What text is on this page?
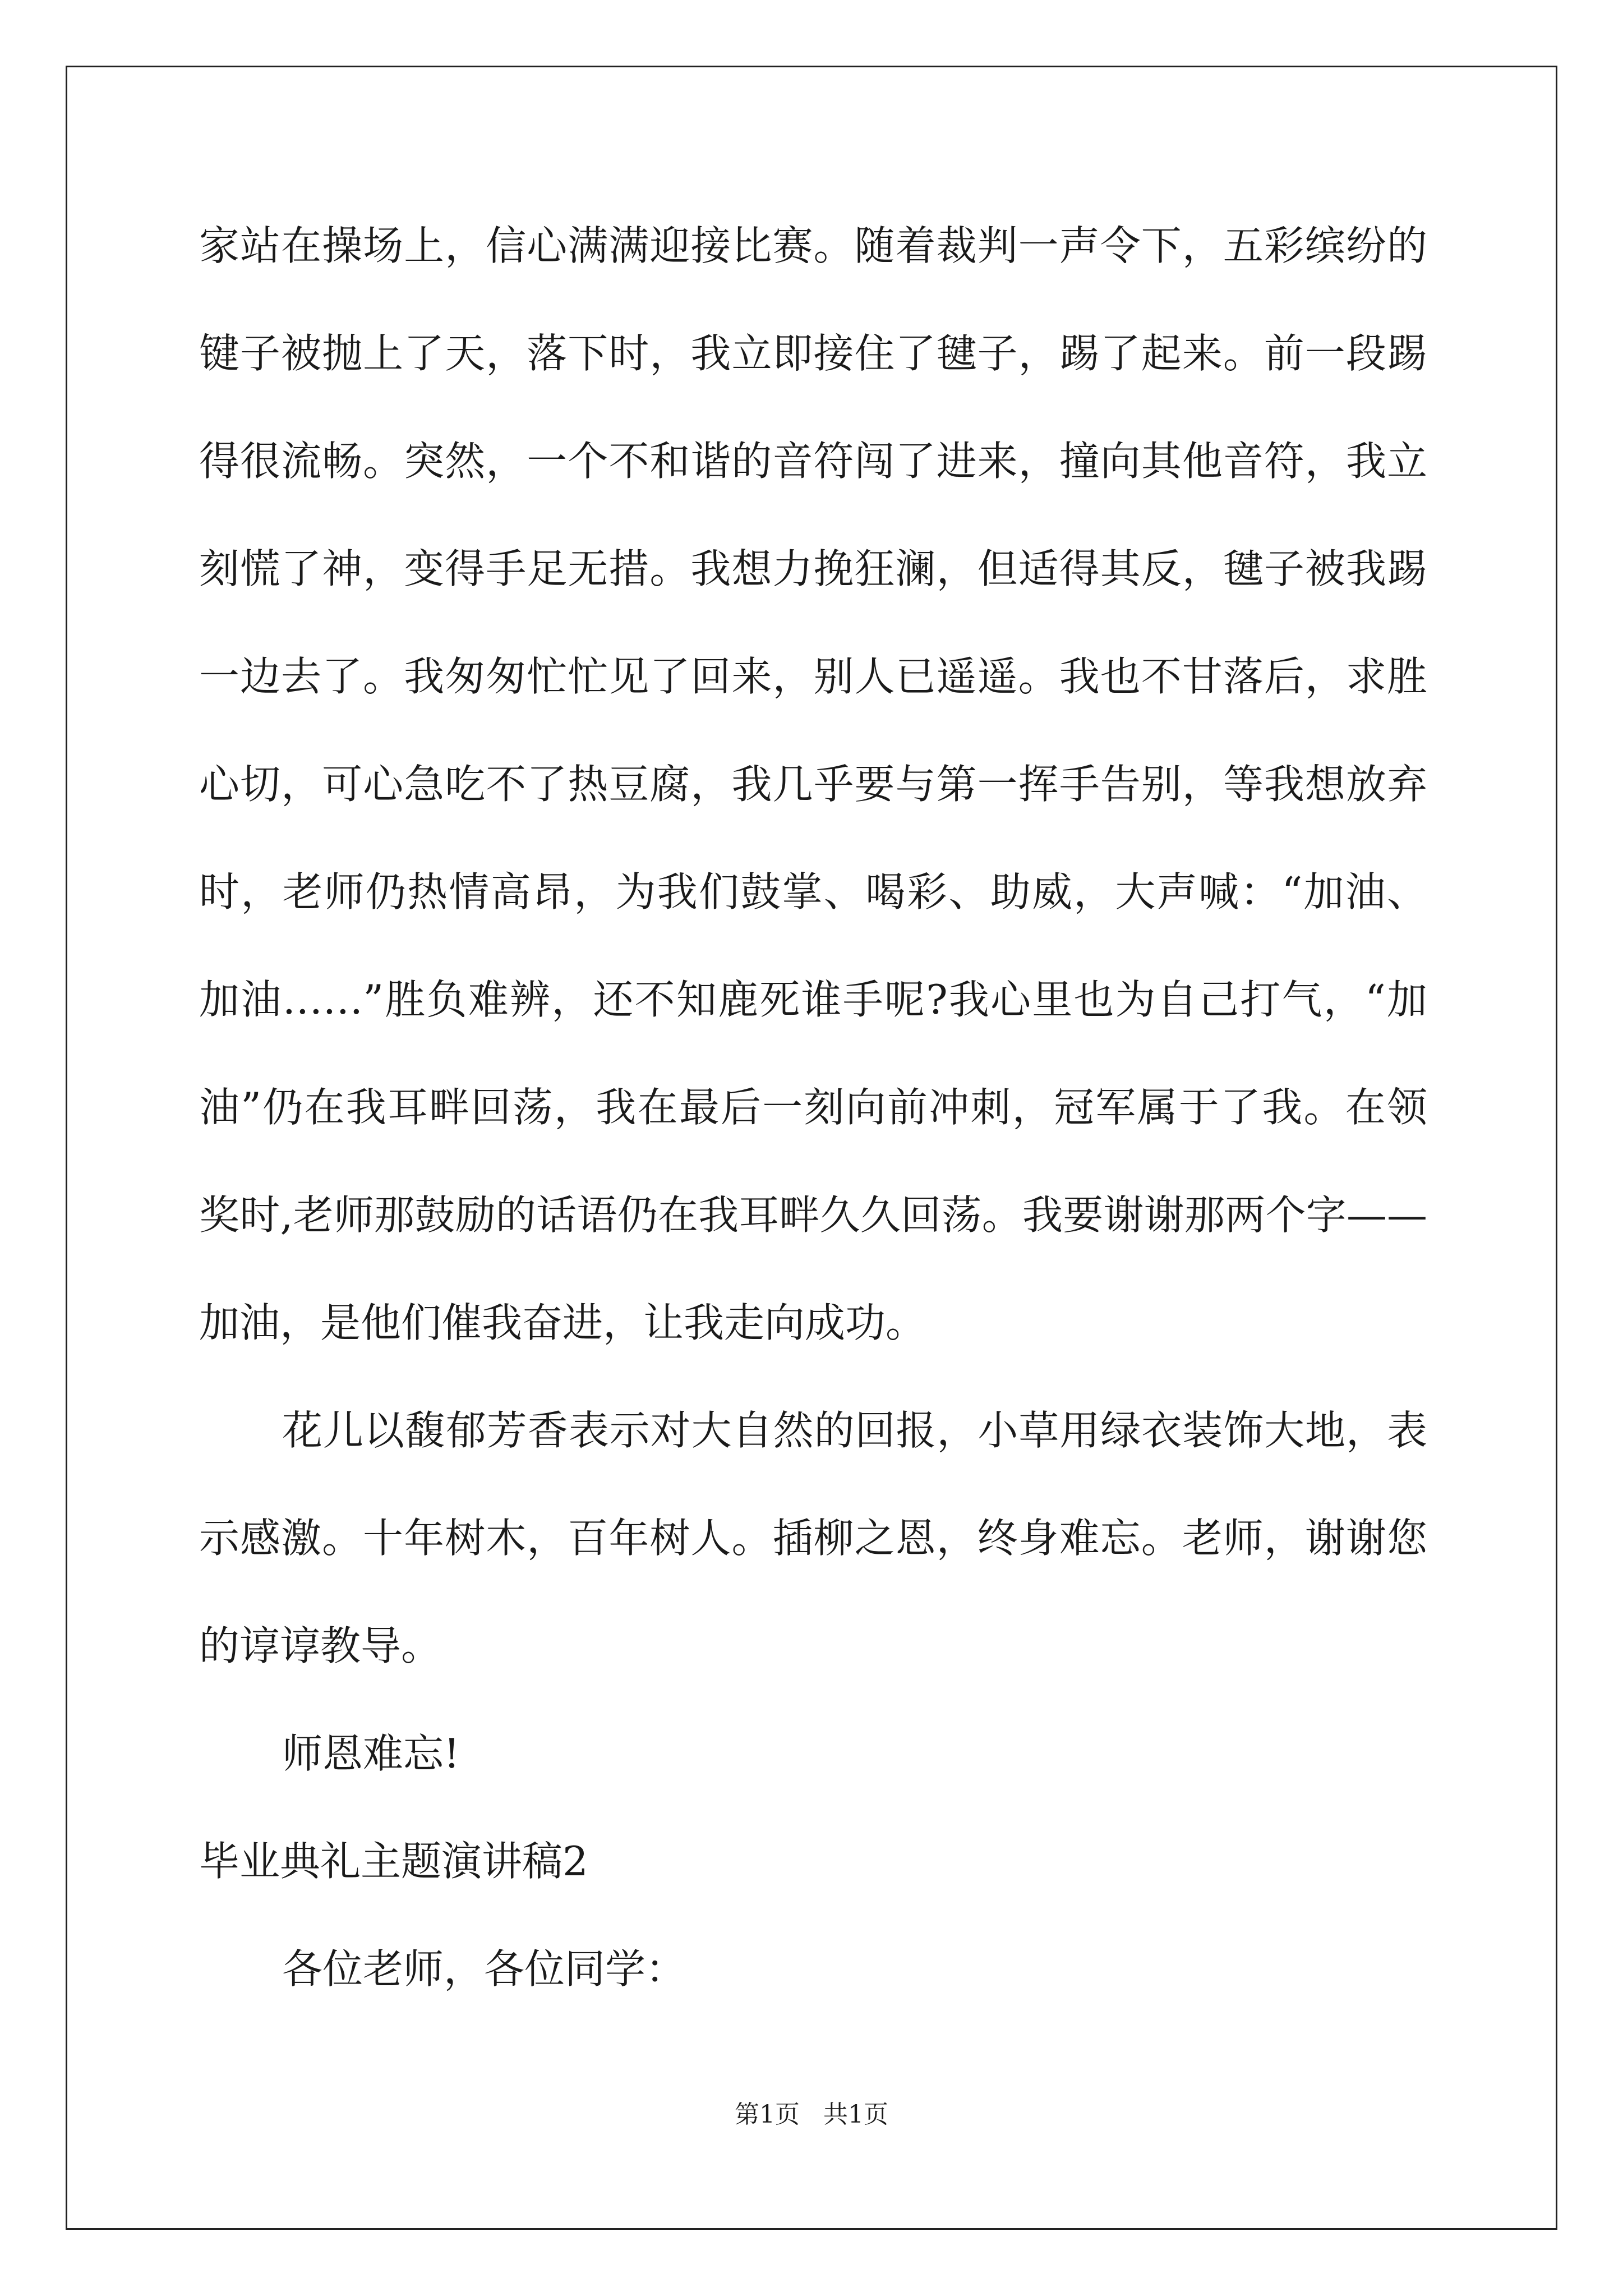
家站在操场上，信心满满迎接比赛。随着裁判一声令下，五彩缤纷的
键子被抛上了天，落下时，我立即接住了毽子，踢了起来。前一段踢
得很流畅。突然，一个不和谐的音符闯了进来，撞向其他音符，我立
刻慌了神，变得手足无措。我想力挽狂澜，但适得其反，毽子被我踢
一边去了。我匆匆忙忙见了回来，别人已遥遥。我也不甘落后，求胜
心切，可心急吃不了热豆腐，我几乎要与第一挥手告别，等我想放弃
时，老师仍热情高昂，为我们鼓掌、喝彩、助威，大声喊：“加油、
加油……”胜负难辨，还不知鹿死谁手呢?我心里也为自己打气，“加
油”仍在我耳畔回荡，我在最后一刻向前冲刺，冠军属于了我。在领
奖时,老师那鼓励的话语仍在我耳畔久久回荡。我要谢谢那两个字——
加油，是他们催我奋进，让我走向成功。
花儿以馥郁芳香表示对大自然的回报，小草用绿衣装饰大地，表
示感激。十年树木，百年树人。插柳之恩，终身难忘。老师，谢谢您
的谆谆教导。
师恩难忘!
毕业典礼主题演讲稿2
各位老师，各位同学：
第1页   共1页
